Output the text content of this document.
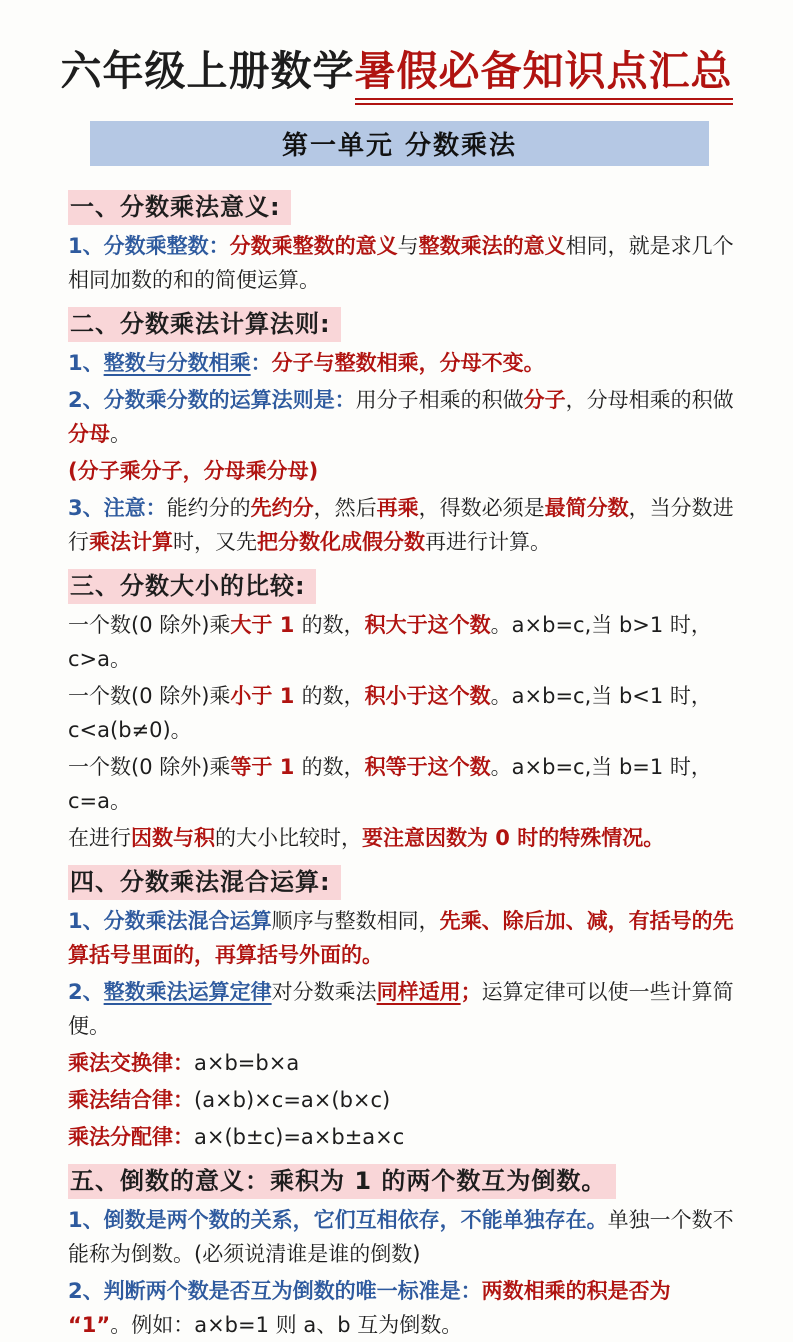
六年级上册数学暑假必备知识点汇总
第一单元 分数乘法
一、分数乘法意义:
1、分数乘整数：分数乘整数的意义与整数乘法的意义相同，就是求几个相同加数的和的简便运算。
二、分数乘法计算法则:
1、整数与分数相乘：分子与整数相乘，分母不变。
2、分数乘分数的运算法则是：用分子相乘的积做分子，分母相乘的积做分母。
(分子乘分子，分母乘分母)
3、注意：能约分的先约分，然后再乘，得数必须是最简分数，当分数进行乘法计算时，又先把分数化成假分数再进行计算。
三、分数大小的比较:
一个数(0 除外)乘大于 1 的数，积大于这个数。a×b=c,当 b>1 时，c>a。
一个数(0 除外)乘小于 1 的数，积小于这个数。a×b=c,当 b<1 时，c<a(b≠0)。
一个数(0 除外)乘等于 1 的数，积等于这个数。a×b=c,当 b=1 时，c=a。
在进行因数与积的大小比较时，要注意因数为 0 时的特殊情况。
四、分数乘法混合运算:
1、分数乘法混合运算顺序与整数相同，先乘、除后加、减，有括号的先算括号里面的，再算括号外面的。
2、整数乘法运算定律对分数乘法同样适用；运算定律可以使一些计算简便。
乘法交换律：a×b=b×a
乘法结合律：(a×b)×c=a×(b×c)
乘法分配律：a×(b±c)=a×b±a×c
五、倒数的意义：乘积为 1 的两个数互为倒数。
1、倒数是两个数的关系，它们互相依存，不能单独存在。单独一个数不能称为倒数。(必须说清谁是谁的倒数)
2、判断两个数是否互为倒数的唯一标准是：两数相乘的积是否为 “1”。例如：a×b=1 则 a、b 互为倒数。
